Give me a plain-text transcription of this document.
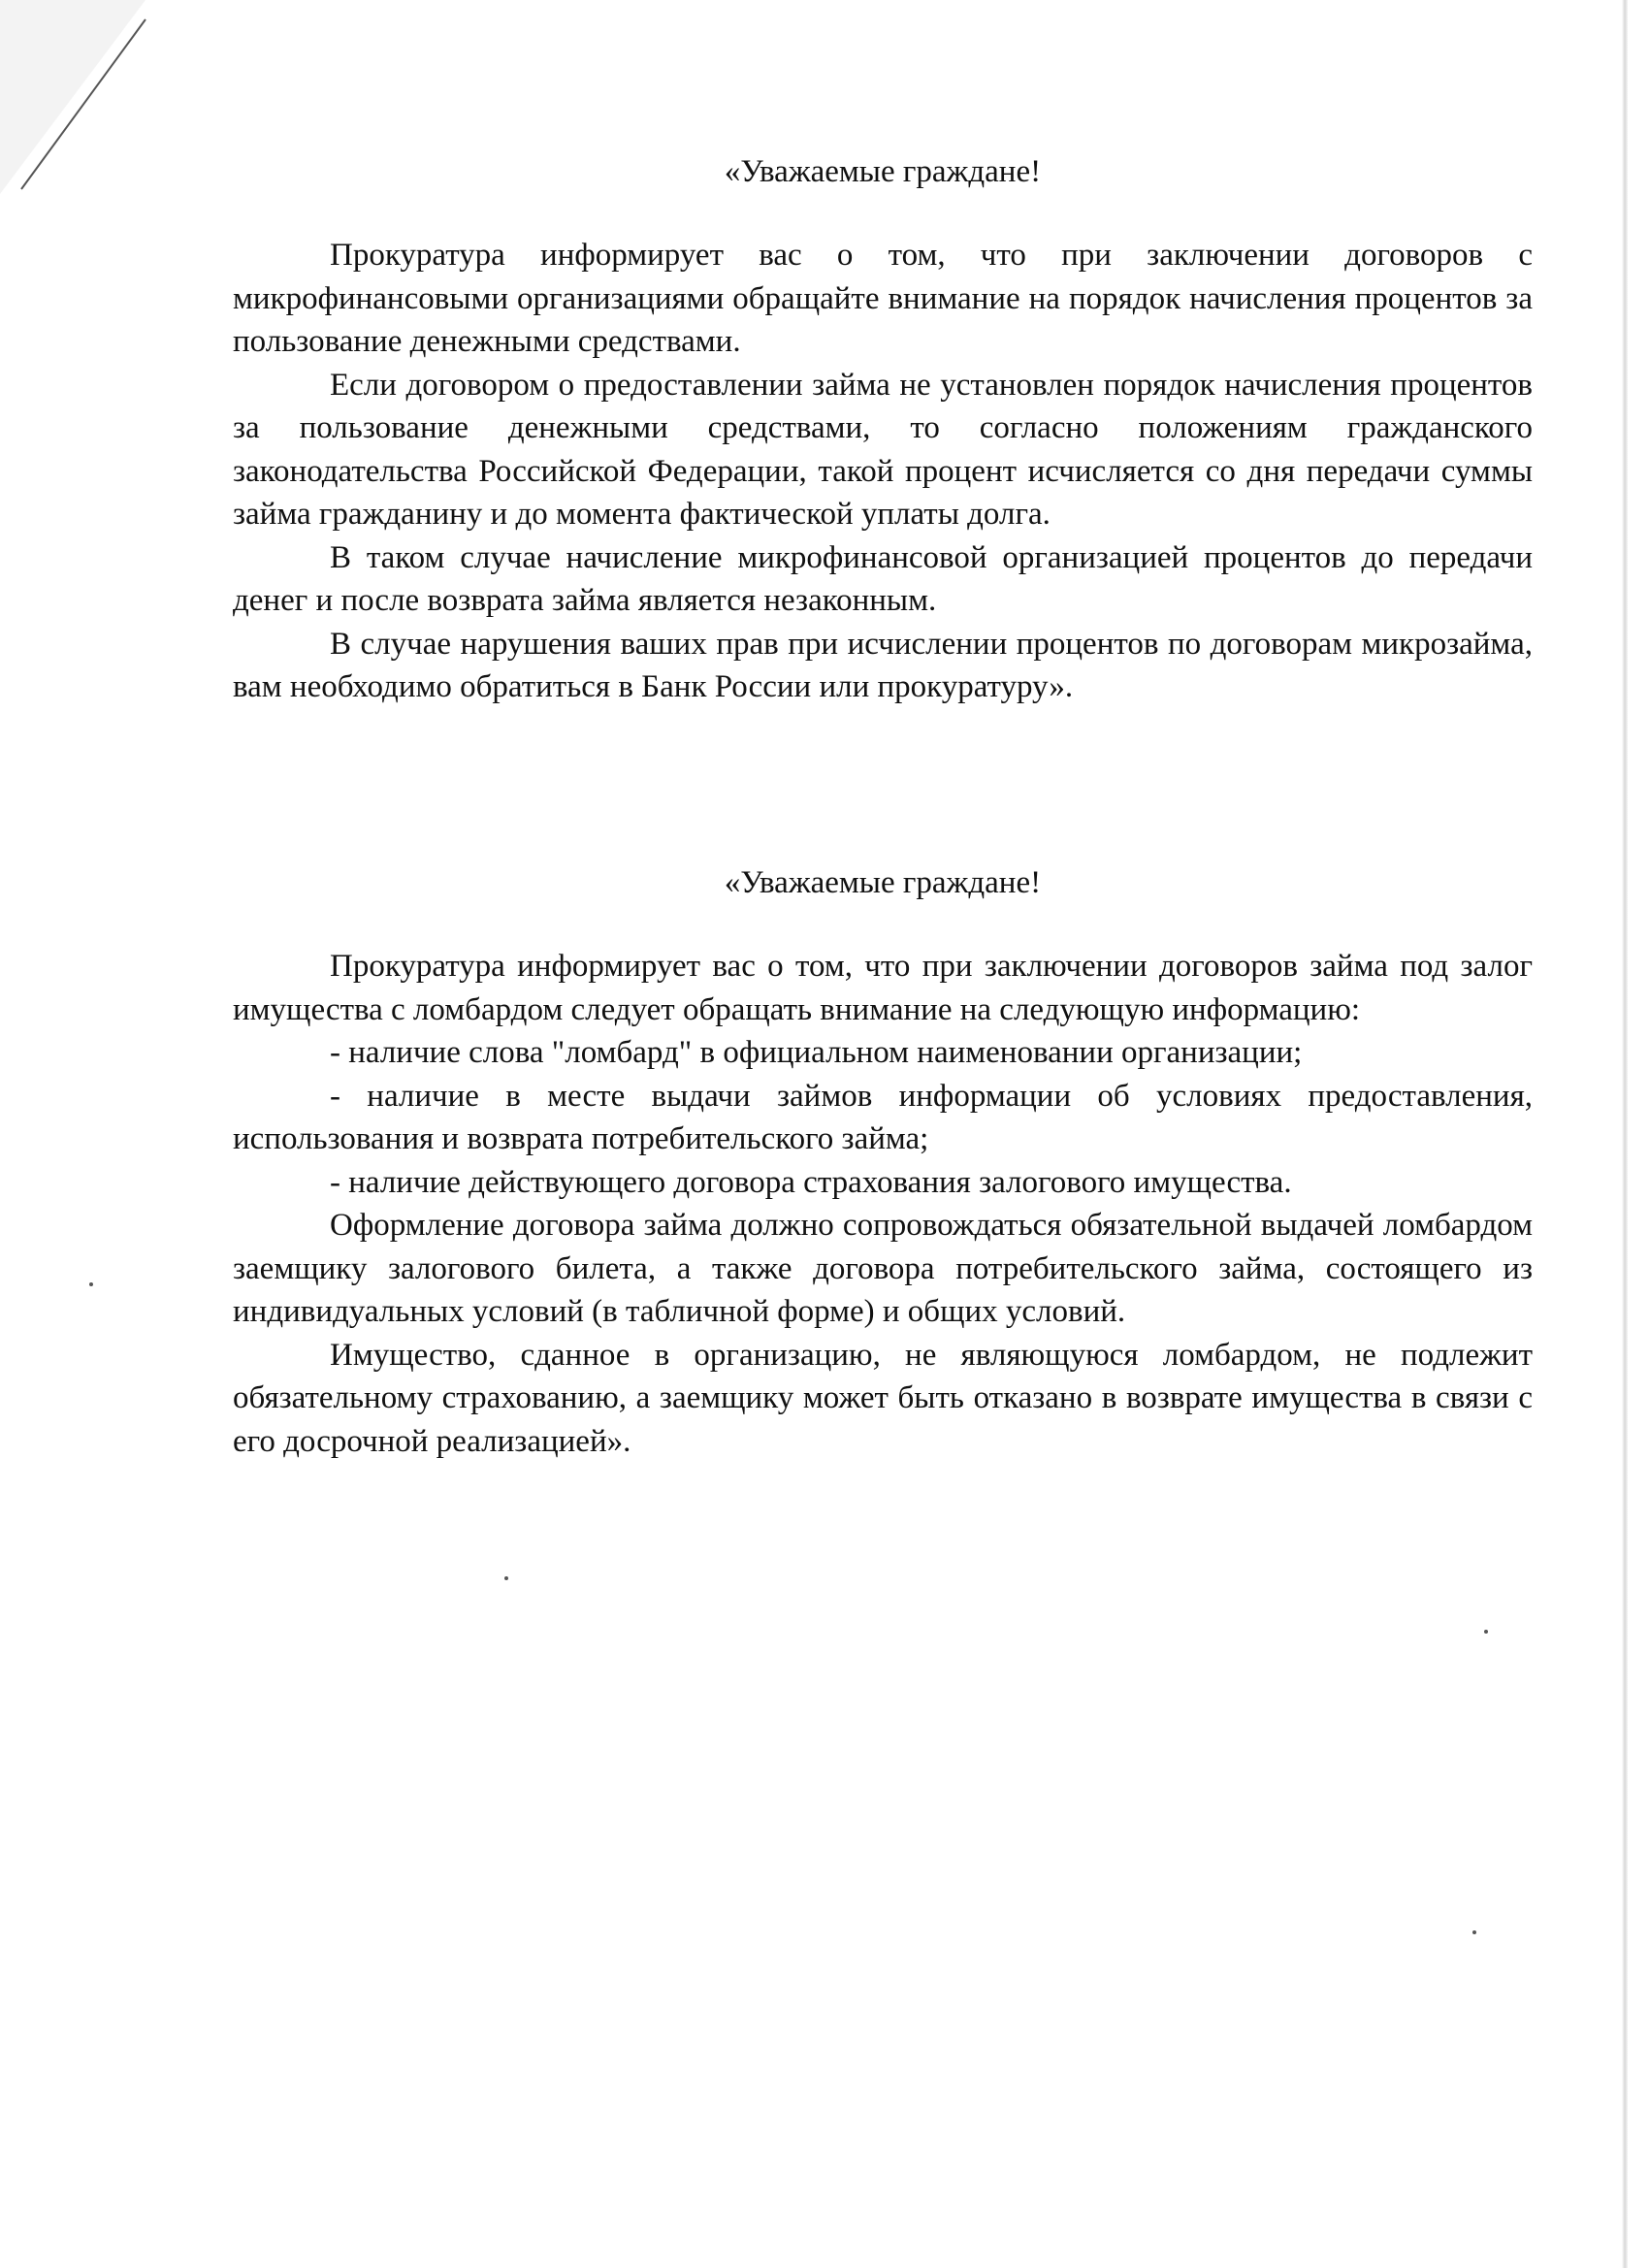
«Уважаемые граждане!

Прокуратура информирует вас о том, что при заключении договоров с микрофинансовыми организациями обращайте внимание на порядок начисления процентов за пользование денежными средствами.

Если договором о предоставлении займа не установлен порядок начисления процентов за пользование денежными средствами, то согласно положениям гражданского законодательства Российской Федерации, такой процент исчисляется со дня передачи суммы займа гражданину и до момента фактической уплаты долга.

В таком случае начисление микрофинансовой организацией процентов до передачи денег и после возврата займа является незаконным.

В случае нарушения ваших прав при исчислении процентов по договорам микрозайма, вам необходимо обратиться в Банк России или прокуратуру».

«Уважаемые граждане!

Прокуратура информирует вас о том, что при заключении договоров займа под залог имущества с ломбардом следует обращать внимание на следующую информацию:

- наличие слова "ломбард" в официальном наименовании организации;

- наличие в месте выдачи займов информации об условиях предоставления, использования и возврата потребительского займа;

- наличие действующего договора страхования залогового имущества.

Оформление договора займа должно сопровождаться обязательной выдачей ломбардом заемщику залогового билета, а также договора потребительского займа, состоящего из индивидуальных условий (в табличной форме) и общих условий.

Имущество, сданное в организацию, не являющуюся ломбардом, не подлежит обязательному страхованию, а заемщику может быть отказано в возврате имущества в связи с его досрочной реализацией».
